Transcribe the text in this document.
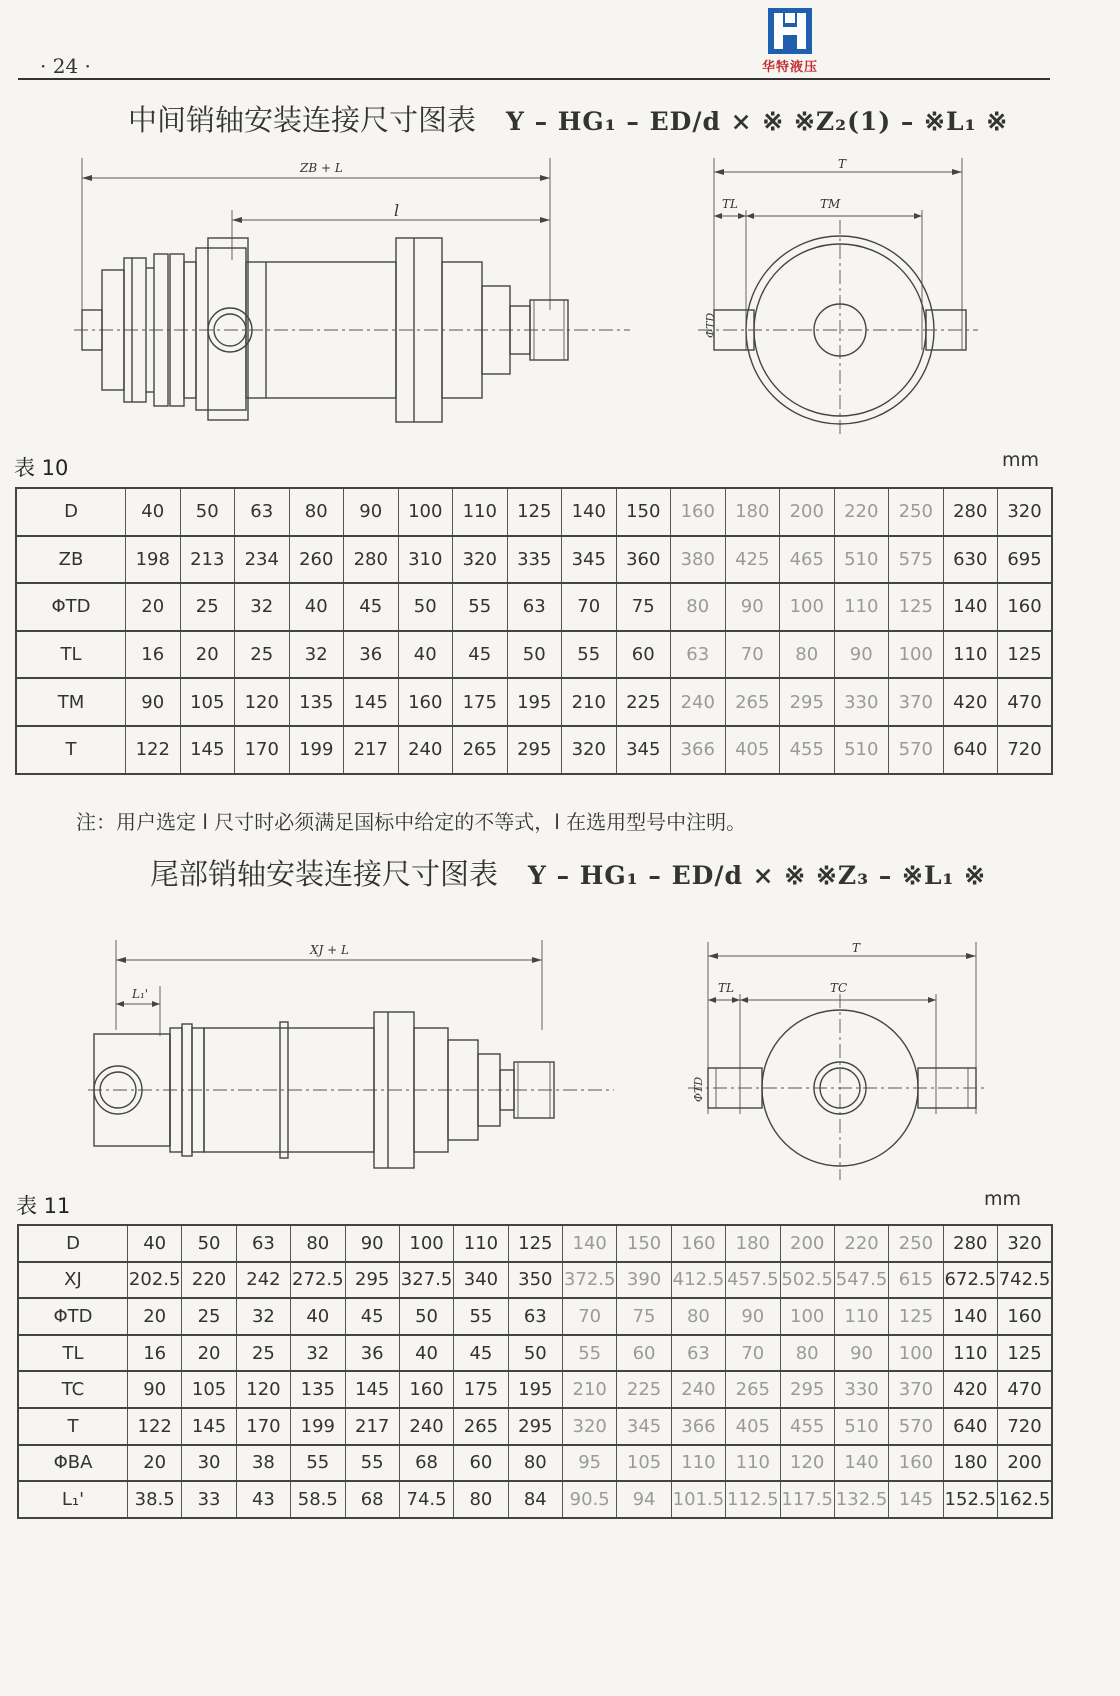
· 24 ·	华特液压
中间销轴安装连接尺寸图表 Y – HG₁ – ED/d × ※ ※Z₂(1) – ※L₁ ※
ZB + L
l
T
TL	TM
ΦTD
表 10	mm
D	40	50	63	80	90	100	110	125	140	150	160	180	200	220	250	280	320
ZB	198	213	234	260	280	310	320	335	345	360	380	425	465	510	575	630	695
ΦTD	20	25	32	40	45	50	55	63	70	75	80	90	100	110	125	140	160
TL	16	20	25	32	36	40	45	50	55	60	63	70	80	90	100	110	125
TM	90	105	120	135	145	160	175	195	210	225	240	265	295	330	370	420	470
T	122	145	170	199	217	240	265	295	320	345	366	405	455	510	570	640	720
注：用户选定 l 尺寸时必须满足国标中给定的不等式，l 在选用型号中注明。
尾部销轴安装连接尺寸图表 Y – HG₁ – ED/d × ※ ※Z₃ – ※L₁ ※
XJ + L
L₁'
T
TL	TC
ΦTD
表 11	mm
D	40	50	63	80	90	100	110	125	140	150	160	180	200	220	250	280	320
XJ	202.5	220	242	272.5	295	327.5	340	350	372.5	390	412.5	457.5	502.5	547.5	615	672.5	742.5
ΦTD	20	25	32	40	45	50	55	63	70	75	80	90	100	110	125	140	160
TL	16	20	25	32	36	40	45	50	55	60	63	70	80	90	100	110	125
TC	90	105	120	135	145	160	175	195	210	225	240	265	295	330	370	420	470
T	122	145	170	199	217	240	265	295	320	345	366	405	455	510	570	640	720
ΦBA	20	30	38	55	55	68	60	80	95	105	110	110	120	140	160	180	200
L₁'	38.5	33	43	58.5	68	74.5	80	84	90.5	94	101.5	112.5	117.5	132.5	145	152.5	162.5
